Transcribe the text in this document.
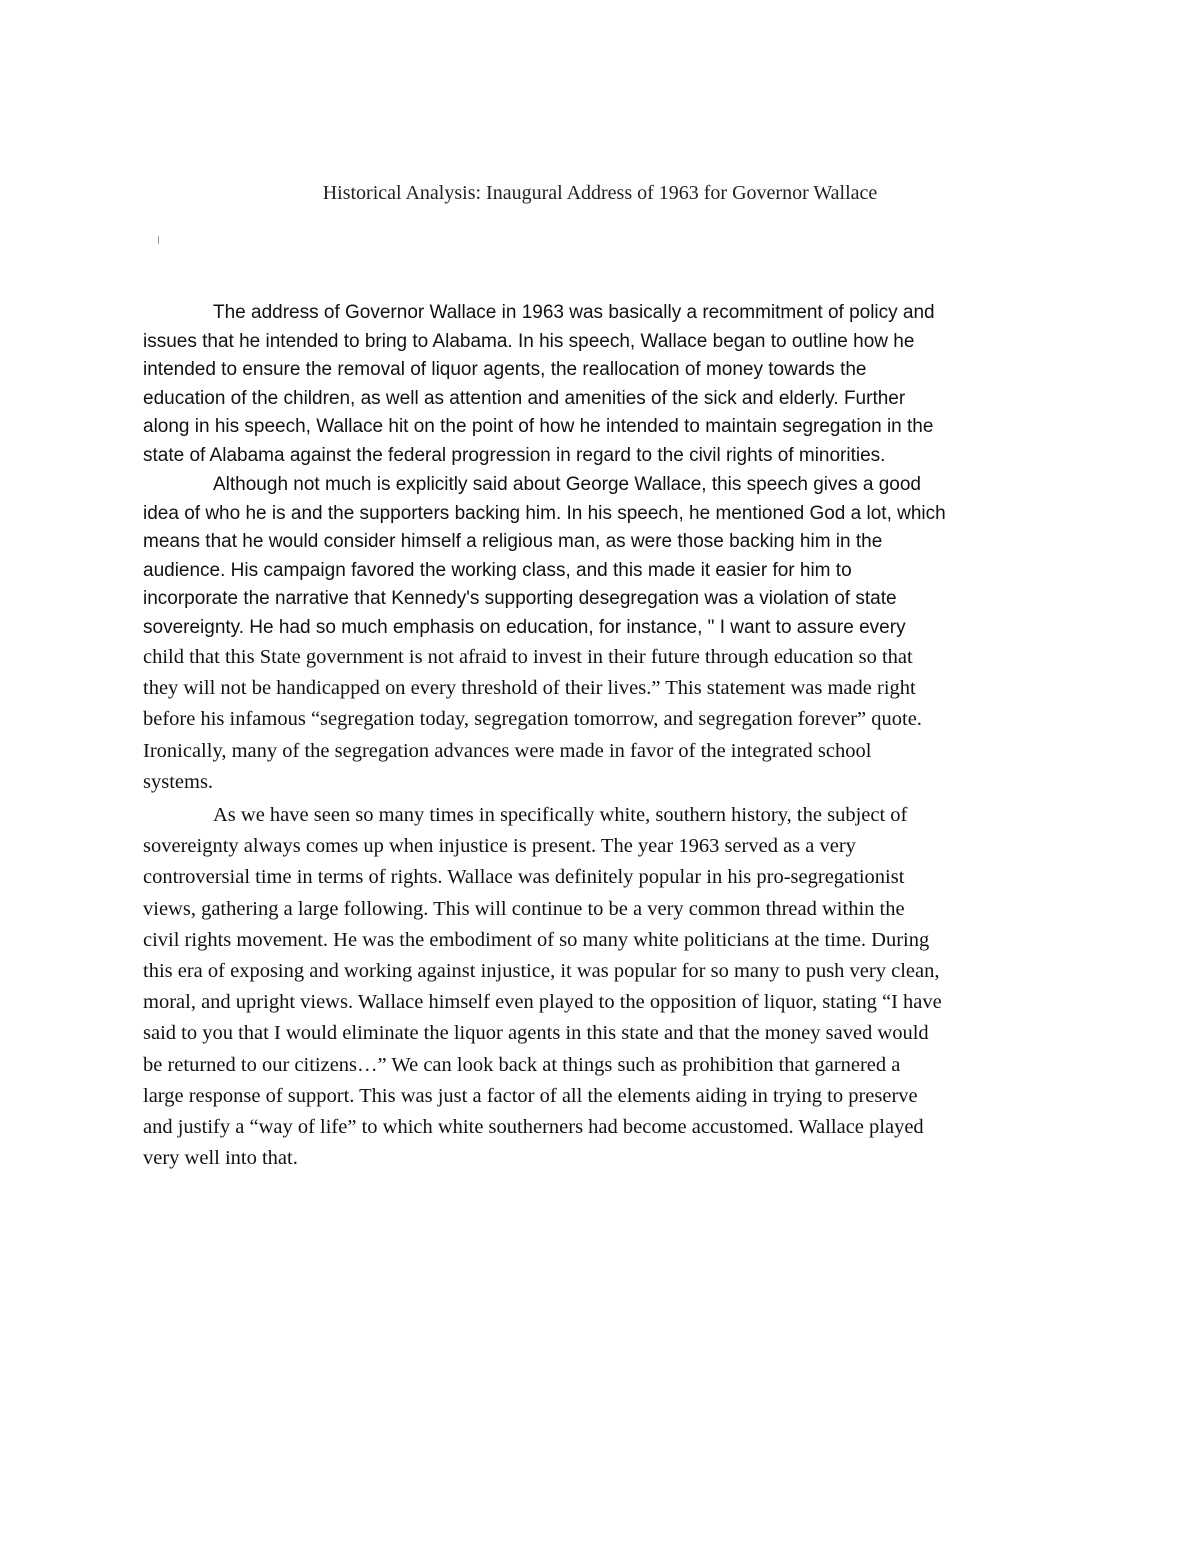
Historical Analysis: Inaugural Address of 1963 for Governor Wallace
The address of Governor Wallace in 1963 was basically a recommitment of policy and
issues that he intended to bring to Alabama. In his speech, Wallace began to outline how he
intended to ensure the removal of liquor agents, the reallocation of money towards the
education of the children, as well as attention and amenities of the sick and elderly. Further
along in his speech, Wallace hit on the point of how he intended to maintain segregation in the
state of Alabama against the federal progression in regard to the civil rights of minorities.
Although not much is explicitly said about George Wallace, this speech gives a good
idea of who he is and the supporters backing him. In his speech, he mentioned God a lot, which
means that he would consider himself a religious man, as were those backing him in the
audience. His campaign favored the working class, and this made it easier for him to
incorporate the narrative that Kennedy's supporting desegregation was a violation of state
sovereignty. He had so much emphasis on education, for instance, " I want to assure every
child that this State government is not afraid to invest in their future through education so that
they will not be handicapped on every threshold of their lives.” This statement was made right
before his infamous “segregation today, segregation tomorrow, and segregation forever” quote.
Ironically, many of the segregation advances were made in favor of the integrated school
systems.
As we have seen so many times in specifically white, southern history, the subject of
sovereignty always comes up when injustice is present. The year 1963 served as a very
controversial time in terms of rights. Wallace was definitely popular in his pro-segregationist
views, gathering a large following. This will continue to be a very common thread within the
civil rights movement. He was the embodiment of so many white politicians at the time. During
this era of exposing and working against injustice, it was popular for so many to push very clean,
moral, and upright views. Wallace himself even played to the opposition of liquor, stating “I have
said to you that I would eliminate the liquor agents in this state and that the money saved would
be returned to our citizens…” We can look back at things such as prohibition that garnered a
large response of support. This was just a factor of all the elements aiding in trying to preserve
and justify a “way of life” to which white southerners had become accustomed. Wallace played
very well into that.
